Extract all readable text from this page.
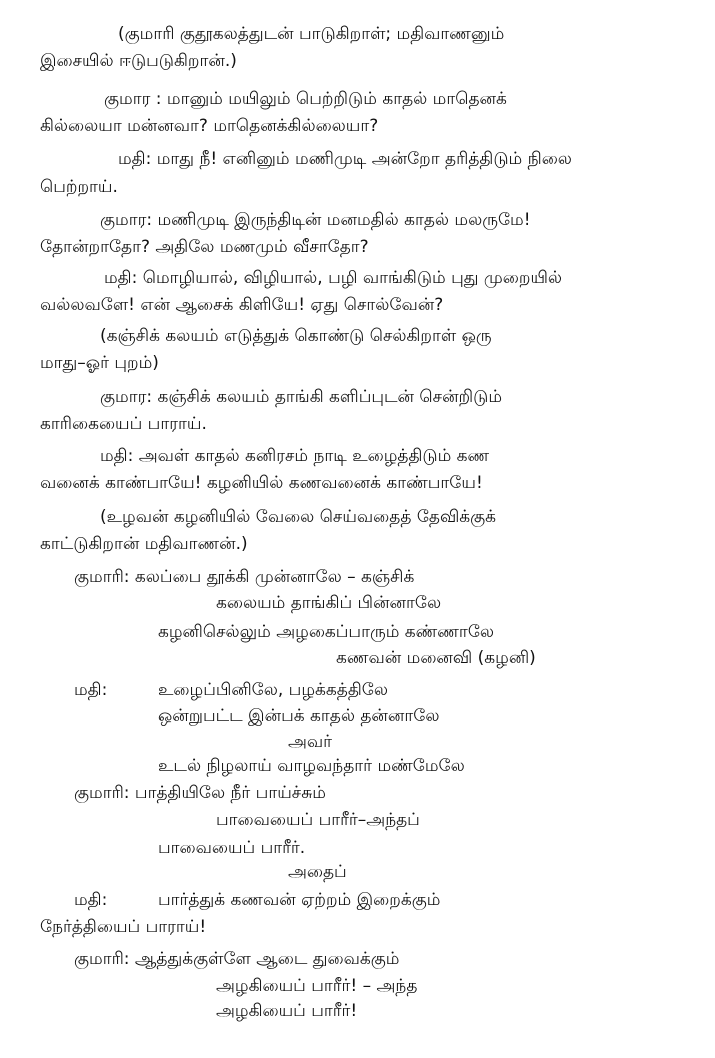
(குமாரி குதூகலத்துடன் பாடுகிறாள்; மதிவாணனும்
இசையில் ஈடுபடுகிறான்.)
குமார : மானும் மயிலும் பெற்றிடும் காதல் மாதெனக்
கில்லையா மன்னவா? மாதெனக்கில்லையா?
மதி: மாது நீ! எனினும் மணிமுடி அன்றோ தரித்திடும் நிலை
பெற்றாய்.
குமார: மணிமுடி இருந்திடின் மனமதில் காதல் மலருமே!
தோன்றாதோ? அதிலே மணமும் வீசாதோ?
மதி: மொழியால், விழியால், பழி வாங்கிடும் புது முறையில்
வல்லவளே! என் ஆசைக் கிளியே! ஏது சொல்வேன்?
(கஞ்சிக் கலயம் எடுத்துக் கொண்டு செல்கிறாள் ஒரு
மாது–ஓர் புறம்)
குமார: கஞ்சிக் கலயம் தாங்கி களிப்புடன் சென்றிடும்
காரிகையைப் பாராய்.
மதி: அவள் காதல் கனிரசம் நாடி உழைத்திடும் கண
வனைக் காண்பாயே! கழனியில் கணவனைக் காண்பாயே!
(உழவன் கழனியில் வேலை செய்வதைத் தேவிக்குக்
காட்டுகிறான் மதிவாணன்.)
குமாரி: கலப்பை தூக்கி முன்னாலே – கஞ்சிக்
கலையம் தாங்கிப் பின்னாலே
கழனிசெல்லும் அழகைப்பாரும் கண்ணாலே
கணவன் மனைவி (கழனி)
மதி:	உழைப்பினிலே, பழக்கத்திலே
ஒன்றுபட்ட இன்பக் காதல் தன்னாலே
அவர்
உடல் நிழலாய் வாழவந்தார் மண்மேலே
குமாரி: பாத்தியிலே நீர் பாய்ச்சும்
பாவையைப் பாரீர்–அந்தப்
பாவையைப் பாரீர்.
அதைப்
மதி:	பார்த்துக் கணவன் ஏற்றம் இறைக்கும்
நேர்த்தியைப் பாராய்!
குமாரி: ஆத்துக்குள்ளே ஆடை துவைக்கும்
அழகியைப் பாரீர்! – அந்த
அழகியைப் பாரீர்!
